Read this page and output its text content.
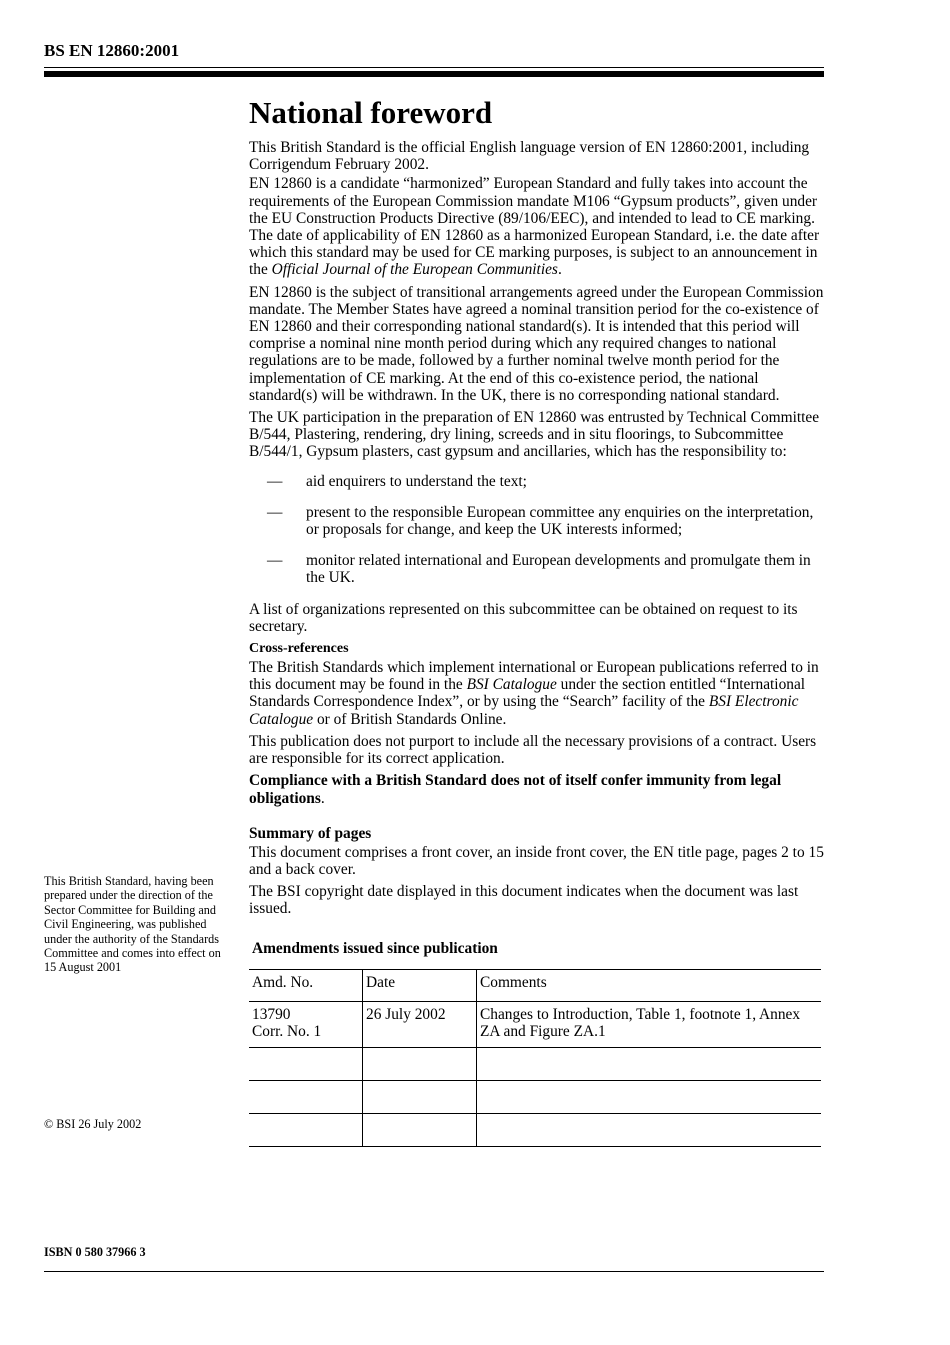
BS EN 12860:2001
National foreword

This British Standard is the official English language version of EN 12860:2001, including Corrigendum February 2002.

EN 12860 is a candidate “harmonized” European Standard and fully takes into account the requirements of the European Commission mandate M106 “Gypsum products”, given under the EU Construction Products Directive (89/106/EEC), and intended to lead to CE marking. The date of applicability of EN 12860 as a harmonized European Standard, i.e. the date after which this standard may be used for CE marking purposes, is subject to an announcement in the Official Journal of the European Communities.

EN 12860 is the subject of transitional arrangements agreed under the European Commission mandate. The Member States have agreed a nominal transition period for the co-existence of EN 12860 and their corresponding national standard(s). It is intended that this period will comprise a nominal nine month period during which any required changes to national regulations are to be made, followed by a further nominal twelve month period for the implementation of CE marking. At the end of this co-existence period, the national standard(s) will be withdrawn. In the UK, there is no corresponding national standard.

The UK participation in the preparation of EN 12860 was entrusted by Technical Committee B/544, Plastering, rendering, dry lining, screeds and in situ floorings, to Subcommittee B/544/1, Gypsum plasters, cast gypsum and ancillaries, which has the responsibility to:

— aid enquirers to understand the text;
— present to the responsible European committee any enquiries on the interpretation, or proposals for change, and keep the UK interests informed;
— monitor related international and European developments and promulgate them in the UK.

A list of organizations represented on this subcommittee can be obtained on request to its secretary.

Cross-references

The British Standards which implement international or European publications referred to in this document may be found in the BSI Catalogue under the section entitled “International Standards Correspondence Index”, or by using the “Search” facility of the BSI Electronic Catalogue or of British Standards Online.

This publication does not purport to include all the necessary provisions of a contract. Users are responsible for its correct application.

Compliance with a British Standard does not of itself confer immunity from legal obligations.

Summary of pages

This document comprises a front cover, an inside front cover, the EN title page, pages 2 to 15 and a back cover.

The BSI copyright date displayed in this document indicates when the document was last issued.

Amendments issued since publication
Amd. No.	Date	Comments
13790
Corr. No. 1	26 July 2002	Changes to Introduction, Table 1, footnote 1, Annex ZA and Figure ZA.1

This British Standard, having been prepared under the direction of the Sector Committee for Building and Civil Engineering, was published under the authority of the Standards Committee and comes into effect on 15 August 2001
© BSI 26 July 2002
ISBN 0 580 37966 3
